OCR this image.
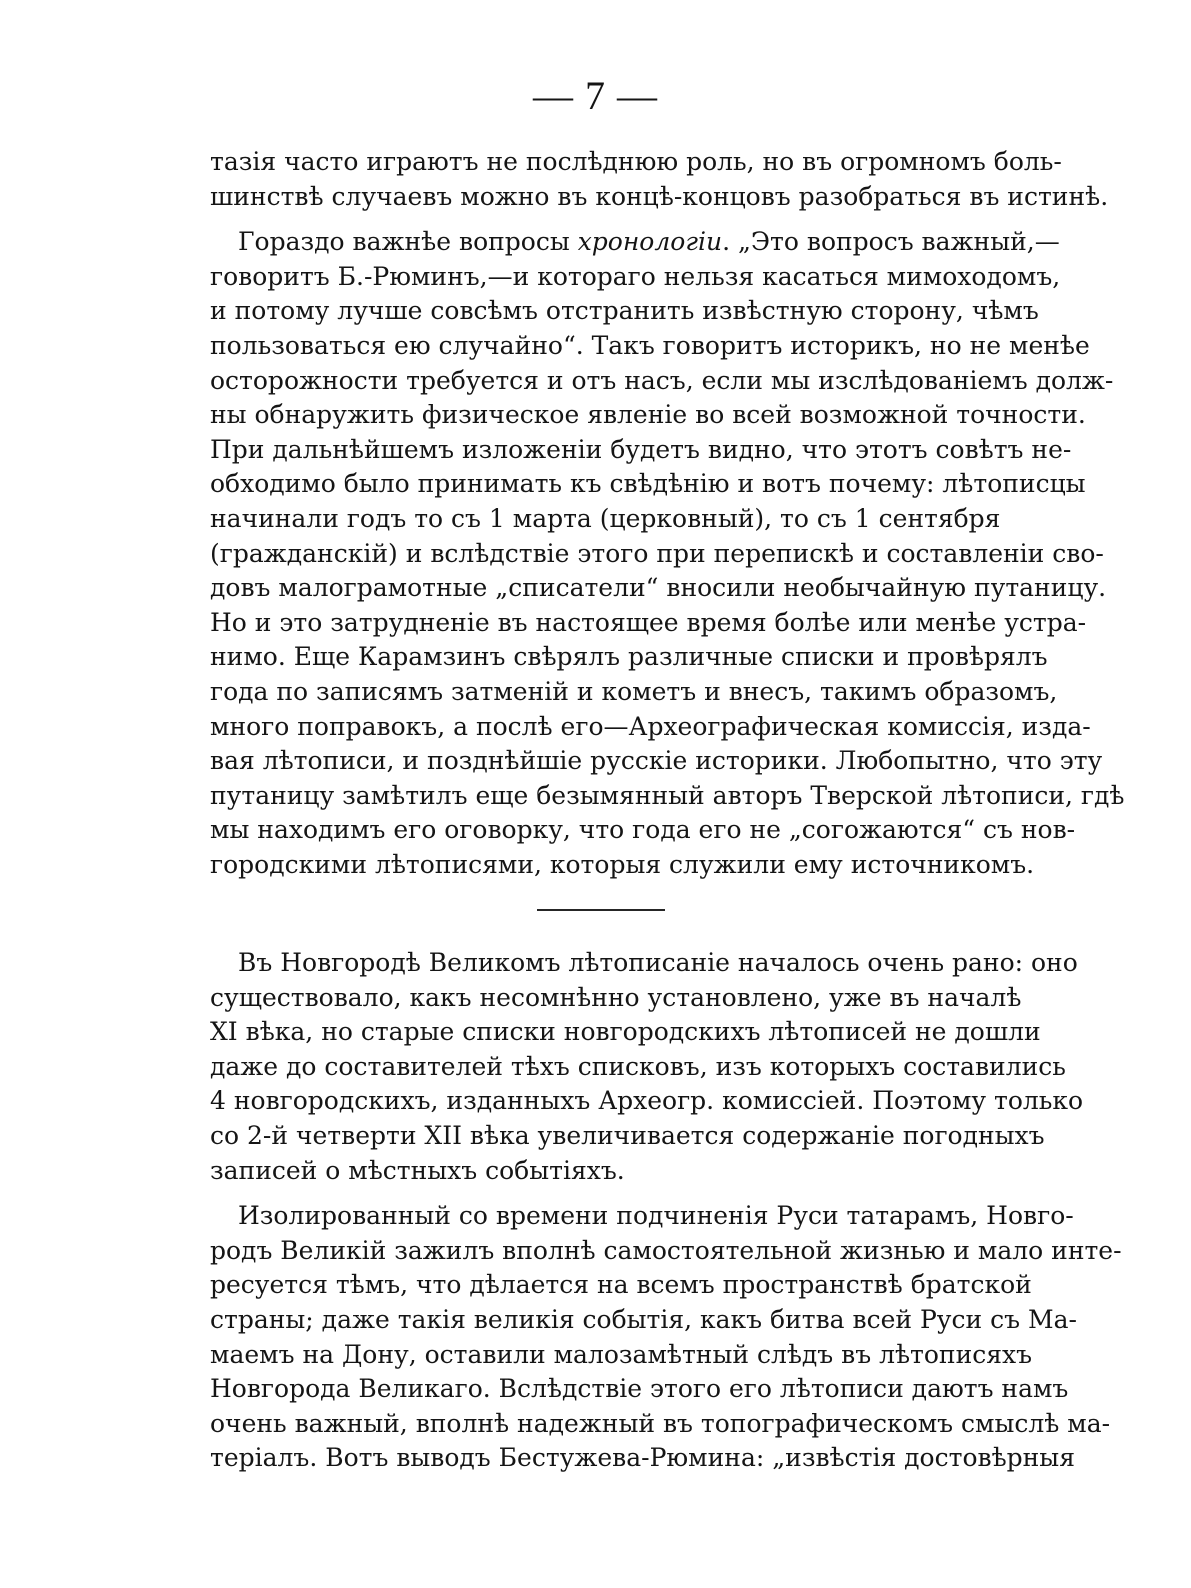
— 7 —
тазія часто играютъ не послѣднюю роль, но въ огромномъ боль-
шинствѣ случаевъ можно въ концѣ-концовъ разобраться въ истинѣ.
Гораздо важнѣе вопросы хронологіи. „Это вопросъ важный,—
говоритъ Б.-Рюминъ,—и котораго нельзя касаться мимоходомъ,
и потому лучше совсѣмъ отстранить извѣстную сторону, чѣмъ
пользоваться ею случайно“. Такъ говоритъ историкъ, но не менѣе
осторожности требуется и отъ насъ, если мы изслѣдованіемъ долж-
ны обнаружить физическое явленіе во всей возможной точности.
При дальнѣйшемъ изложеніи будетъ видно, что этотъ совѣтъ не-
обходимо было принимать къ свѣдѣнію и вотъ почему: лѣтописцы
начинали годъ то съ 1 марта (церковный), то съ 1 сентября
(гражданскій) и вслѣдствіе этого при перепискѣ и составленіи сво-
довъ малограмотные „списатели“ вносили необычайную путаницу.
Но и это затрудненіе въ настоящее время болѣе или менѣе устра-
нимо. Еще Карамзинъ свѣрялъ различные списки и провѣрялъ
года по записямъ затменій и кометъ и внесъ, такимъ образомъ,
много поправокъ, а послѣ его—Археографическая комиссія, изда-
вая лѣтописи, и позднѣйшіе русскіе историки. Любопытно, что эту
путаницу замѣтилъ еще безымянный авторъ Тверской лѣтописи, гдѣ
мы находимъ его оговорку, что года его не „согожаются“ съ нов-
городскими лѣтописями, которыя служили ему источникомъ.
Въ Новгородѣ Великомъ лѣтописаніе началось очень рано: оно
существовало, какъ несомнѣнно установлено, уже въ началѣ
XI вѣка, но старые списки новгородскихъ лѣтописей не дошли
даже до составителей тѣхъ списковъ, изъ которыхъ составились
4 новгородскихъ, изданныхъ Археогр. комиссіей. Поэтому только
со 2-й четверти XII вѣка увеличивается содержаніе погодныхъ
записей о мѣстныхъ событіяхъ.
Изолированный со времени подчиненія Руси татарамъ, Новго-
родъ Великій зажилъ вполнѣ самостоятельной жизнью и мало инте-
ресуется тѣмъ, что дѣлается на всемъ пространствѣ братской
страны; даже такія великія событія, какъ битва всей Руси съ Ма-
маемъ на Дону, оставили малозамѣтный слѣдъ въ лѣтописяхъ
Новгорода Великаго. Вслѣдствіе этого его лѣтописи даютъ намъ
очень важный, вполнѣ надежный въ топографическомъ смыслѣ ма-
теріалъ. Вотъ выводъ Бестужева-Рюмина: „извѣстія достовѣрныя
